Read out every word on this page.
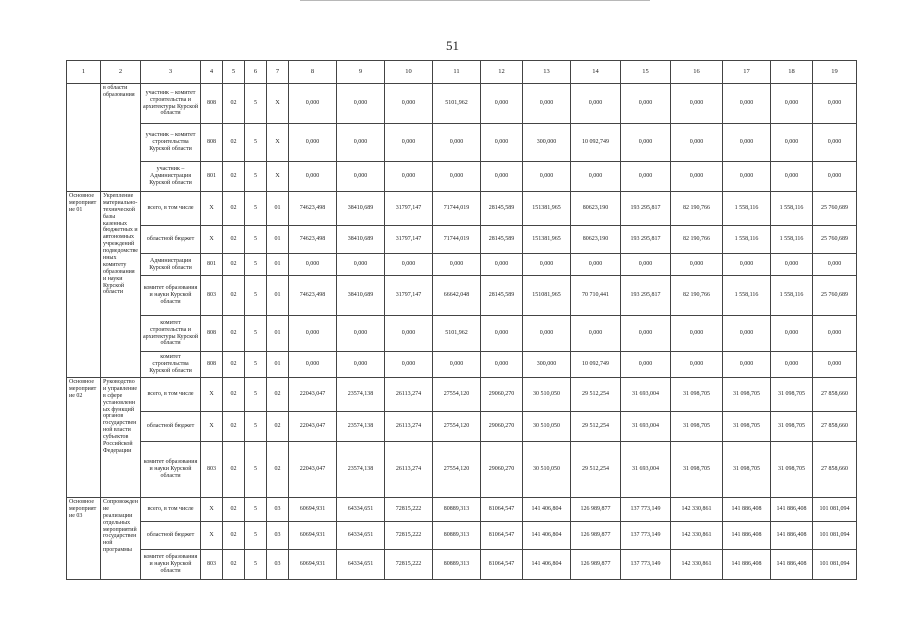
51
1	2	3	4	5	6	7	8	9	10	11	12	13	14	15	16	17	18	19
	в области образования	участник – комитет строительства и архитектуры Курской области	808	02	5	Х	0,000	0,000	0,000	5101,962	0,000	0,000	0,000	0,000	0,000	0,000	0,000	0,000
		участник – комитет строительства Курской области	808	02	5	Х	0,000	0,000	0,000	0,000	0,000	300,000	10 092,749	0,000	0,000	0,000	0,000	0,000
		участник – Администрация Курской области	801	02	5	Х	0,000	0,000	0,000	0,000	0,000	0,000	0,000	0,000	0,000	0,000	0,000	0,000
Основное мероприятие 01	Укрепление материально-технической базы казенных бюджетных и автономных учреждений подведомственных комитету образования и науки Курской области	всего, в том числе	Х	02	5	01	74623,498	38410,689	31797,147	71744,019	28145,589	151381,965	80623,190	193 295,817	82 190,766	1 558,116	1 558,116	25 760,689
		областной бюджет	Х	02	5	01	74623,498	38410,689	31797,147	71744,019	28145,589	151381,965	80623,190	193 295,817	82 190,766	1 558,116	1 558,116	25 760,689
		Администрация Курской области	801	02	5	01	0,000	0,000	0,000	0,000	0,000	0,000	0,000	0,000	0,000	0,000	0,000	0,000
		комитет образования и науки Курской области	803	02	5	01	74623,498	38410,689	31797,147	66642,048	28145,589	151081,965	70 710,441	193 295,817	82 190,766	1 558,116	1 558,116	25 760,689
		комитет строительства и архитектуры Курской области	808	02	5	01	0,000	0,000	0,000	5101,962	0,000	0,000	0,000	0,000	0,000	0,000	0,000	0,000
		комитет строительства Курской области	808	02	5	01	0,000	0,000	0,000	0,000	0,000	300,000	10 092,749	0,000	0,000	0,000	0,000	0,000
Основное мероприятие 02	Руководство и управление в сфере установленных функций органов государственной власти субъектов Российской Федерации	всего, в том числе	Х	02	5	02	22043,047	23574,138	26113,274	27554,120	29060,270	30 510,050	29 512,254	31 693,004	31 098,705	31 098,705	31 098,705	27 858,660
		областной бюджет	Х	02	5	02	22043,047	23574,138	26113,274	27554,120	29060,270	30 510,050	29 512,254	31 693,004	31 098,705	31 098,705	31 098,705	27 858,660
		комитет образования и науки Курской области	803	02	5	02	22043,047	23574,138	26113,274	27554,120	29060,270	30 510,050	29 512,254	31 693,004	31 098,705	31 098,705	31 098,705	27 858,660
Основное мероприятие 03	Сопровождение реализации отдельных мероприятий государственной программы	всего, в том числе	Х	02	5	03	60694,931	64334,651	72815,222	80889,313	81064,547	141 406,804	126 989,877	137 773,149	142 330,861	141 886,408	141 886,408	101 081,094
		областной бюджет	Х	02	5	03	60694,931	64334,651	72815,222	80889,313	81064,547	141 406,804	126 989,877	137 773,149	142 330,861	141 886,408	141 886,408	101 081,094
		комитет образования и науки Курской области	803	02	5	03	60694,931	64334,651	72815,222	80889,313	81064,547	141 406,804	126 989,877	137 773,149	142 330,861	141 886,408	141 886,408	101 081,094
